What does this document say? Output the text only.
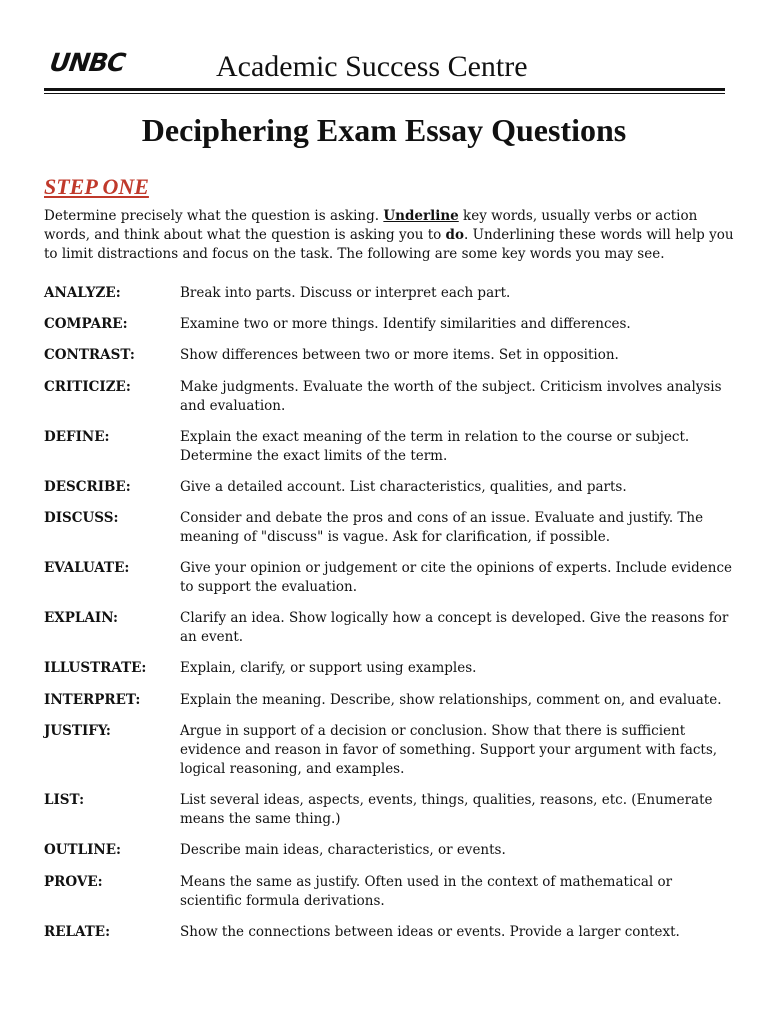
UNBC	Academic Success Centre
Deciphering Exam Essay Questions
STEP ONE
Determine precisely what the question is asking. Underline key words, usually verbs or action words, and think about what the question is asking you to do. Underlining these words will help you to limit distractions and focus on the task. The following are some key words you may see.
ANALYZE:	Break into parts. Discuss or interpret each part.
COMPARE:	Examine two or more things. Identify similarities and differences.
CONTRAST:	Show differences between two or more items. Set in opposition.
CRITICIZE:	Make judgments. Evaluate the worth of the subject. Criticism involves analysis and evaluation.
DEFINE:	Explain the exact meaning of the term in relation to the course or subject. Determine the exact limits of the term.
DESCRIBE:	Give a detailed account. List characteristics, qualities, and parts.
DISCUSS:	Consider and debate the pros and cons of an issue. Evaluate and justify. The meaning of "discuss" is vague. Ask for clarification, if possible.
EVALUATE:	Give your opinion or judgement or cite the opinions of experts. Include evidence to support the evaluation.
EXPLAIN:	Clarify an idea. Show logically how a concept is developed. Give the reasons for an event.
ILLUSTRATE:	Explain, clarify, or support using examples.
INTERPRET:	Explain the meaning. Describe, show relationships, comment on, and evaluate.
JUSTIFY:	Argue in support of a decision or conclusion. Show that there is sufficient evidence and reason in favor of something. Support your argument with facts, logical reasoning, and examples.
LIST:	List several ideas, aspects, events, things, qualities, reasons, etc. (Enumerate means the same thing.)
OUTLINE:	Describe main ideas, characteristics, or events.
PROVE:	Means the same as justify. Often used in the context of mathematical or scientific formula derivations.
RELATE:	Show the connections between ideas or events. Provide a larger context.
